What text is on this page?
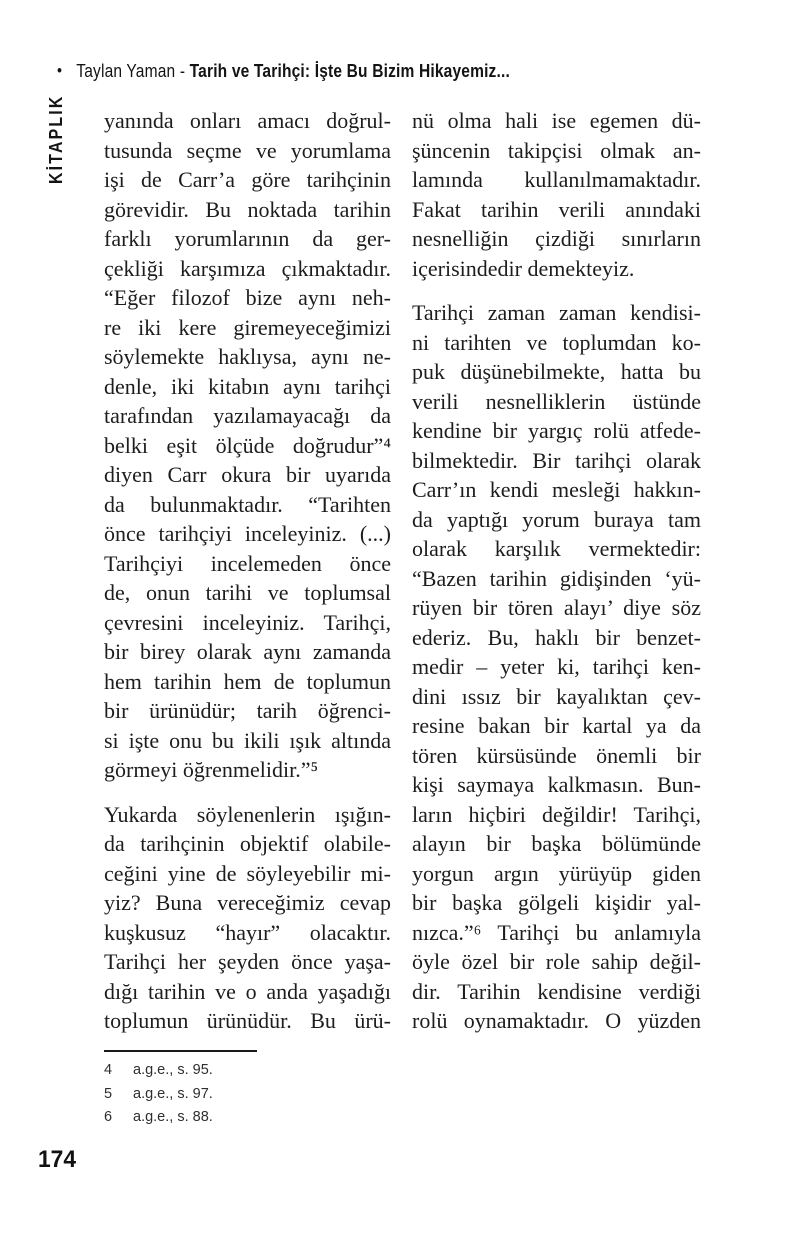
• Taylan Yaman - Tarih ve Tarihçi: İşte Bu Bizim Hikayemiz...
KİTAPLIK yanında onları amacı doğrul-
tusunda seçme ve yorumlama
işi de Carr’a göre tarihçinin
görevidir. Bu noktada tarihin
farklı yorumlarının da ger-
çekliği karşımıza çıkmaktadır.
“Eğer filozof bize aynı neh-
re iki kere giremeyeceğimizi
söylemekte haklıysa, aynı ne-
denle, iki kitabın aynı tarihçi
tarafından yazılamayacağı da
belki eşit ölçüde doğrudur”⁴
diyen Carr okura bir uyarıda
da bulunmaktadır. “Tarihten
önce tarihçiyi inceleyiniz. (...)
Tarihçiyi incelemeden önce
de, onun tarihi ve toplumsal
çevresini inceleyiniz. Tarihçi,
bir birey olarak aynı zamanda
hem tarihin hem de toplumun
bir ürünüdür; tarih öğrenci-
si işte onu bu ikili ışık altında
görmeyi öğrenmelidir.”⁵
Yukarda söylenenlerin ışığın-
da tarihçinin objektif olabile-
ceğini yine de söyleyebilir mi-
yiz? Buna vereceğimiz cevap
kuşkusuz “hayır” olacaktır.
Tarihçi her şeyden önce yaşa-
dığı tarihin ve o anda yaşadığı
toplumun ürünüdür. Bu ürü-
nü olma hali ise egemen dü-
şüncenin takipçisi olmak an-
lamında kullanılmamaktadır.
Fakat tarihin verili anındaki
nesnelliğin çizdiği sınırların
içerisindedir demekteyiz.
Tarihçi zaman zaman kendisi-
ni tarihten ve toplumdan ko-
puk düşünebilmekte, hatta bu
verili nesnelliklerin üstünde
kendine bir yargıç rolü atfede-
bilmektedir. Bir tarihçi olarak
Carr’ın kendi mesleği hakkın-
da yaptığı yorum buraya tam
olarak karşılık vermektedir:
“Bazen tarihin gidişinden ‘yü-
rüyen bir tören alayı’ diye söz
ederiz. Bu, haklı bir benzet-
medir – yeter ki, tarihçi ken-
dini ıssız bir kayalıktan çev-
resine bakan bir kartal ya da
tören kürsüsünde önemli bir
kişi saymaya kalkmasın. Bun-
ların hiçbiri değildir! Tarihçi,
alayın bir başka bölümünde
yorgun argın yürüyüp giden
bir başka gölgeli kişidir yal-
nızca.”⁶ Tarihçi bu anlamıyla
öyle özel bir role sahip değil-
dir. Tarihin kendisine verdiği
rolü oynamaktadır. O yüzden
4 a.g.e., s. 95.
5 a.g.e., s. 97.
6 a.g.e., s. 88.
174
